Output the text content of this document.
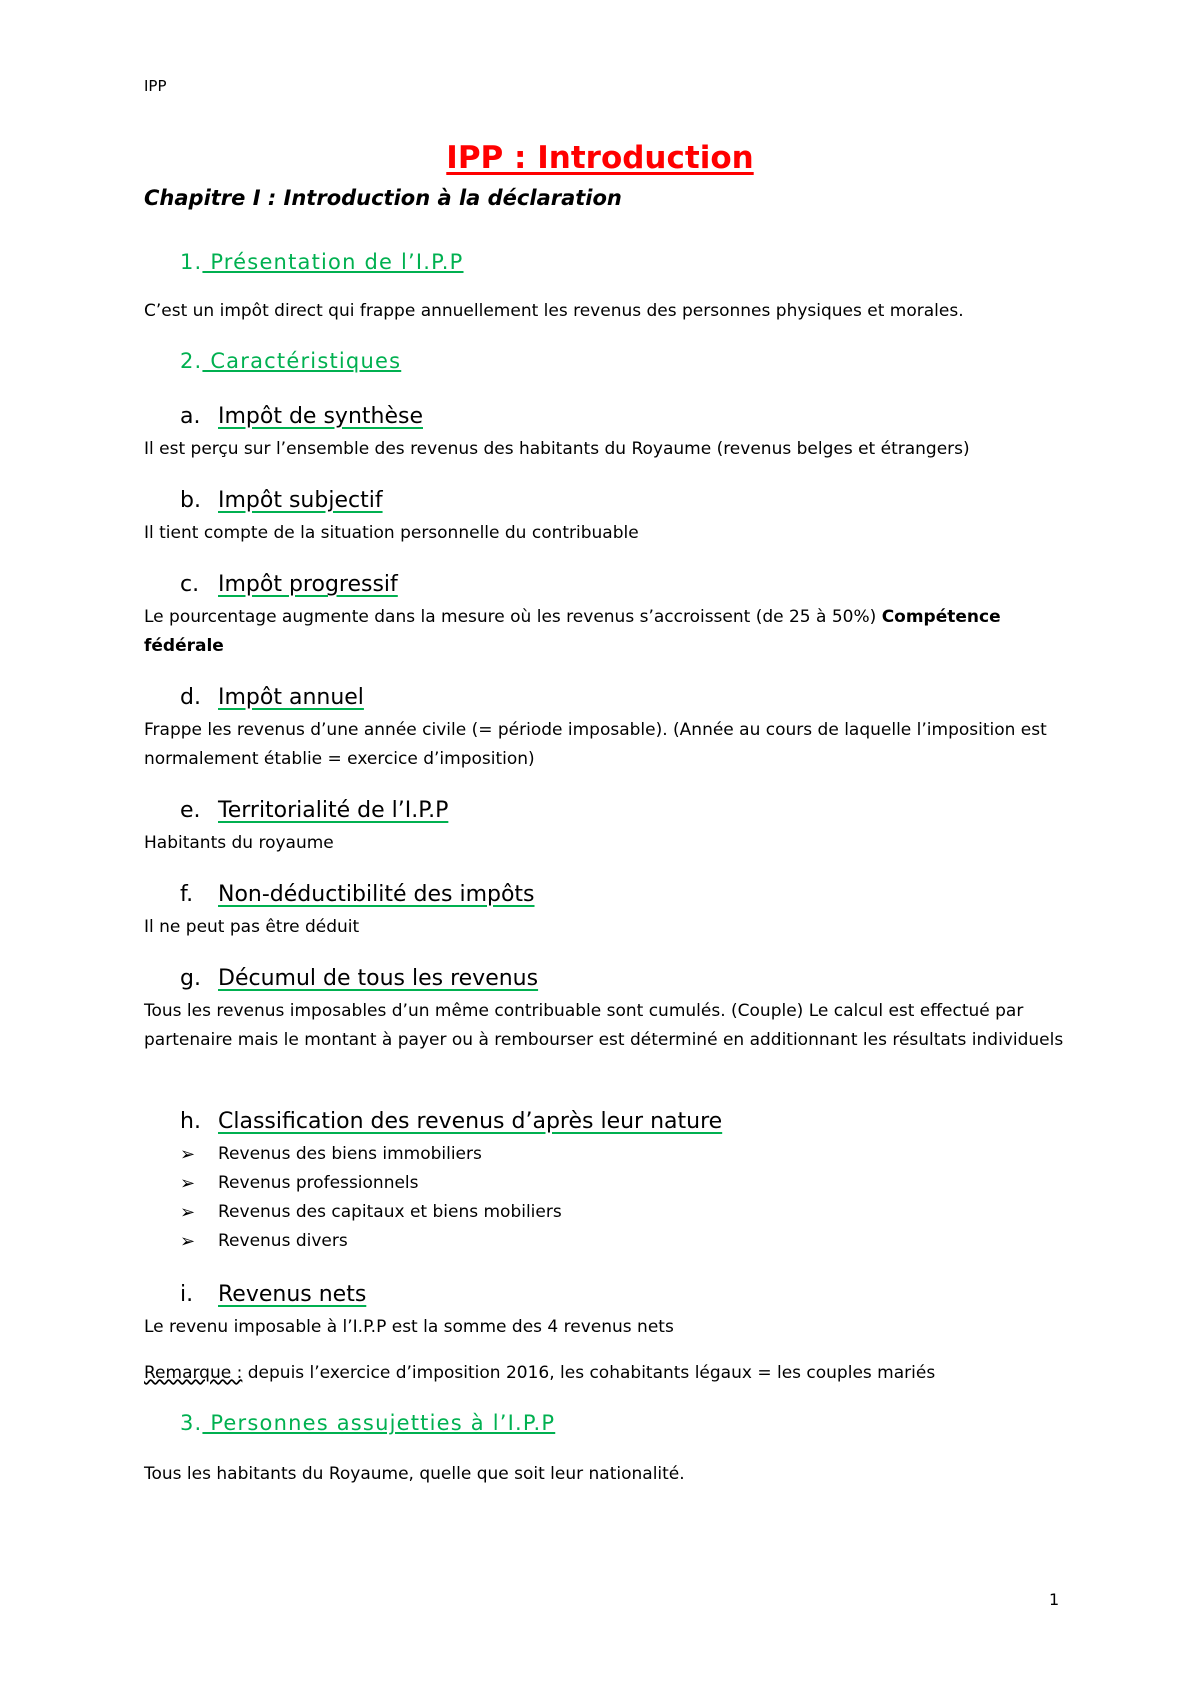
IPP
IPP : Introduction
Chapitre I : Introduction à la déclaration
1. Présentation de l’I.P.P
C’est un impôt direct qui frappe annuellement les revenus des personnes physiques et morales.
2. Caractéristiques
a. Impôt de synthèse
Il est perçu sur l’ensemble des revenus des habitants du Royaume (revenus belges et étrangers)
b. Impôt subjectif
Il tient compte de la situation personnelle du contribuable
c. Impôt progressif
Le pourcentage augmente dans la mesure où les revenus s’accroissent (de 25 à 50%) Compétence fédérale
d. Impôt annuel
Frappe les revenus d’une année civile (= période imposable). (Année au cours de laquelle l’imposition est normalement établie = exercice d’imposition)
e. Territorialité de l’I.P.P
Habitants du royaume
f. Non-déductibilité des impôts
Il ne peut pas être déduit
g. Décumul de tous les revenus
Tous les revenus imposables d’un même contribuable sont cumulés. (Couple) Le calcul est effectué par partenaire mais le montant à payer ou à rembourser est déterminé en additionnant les résultats individuels
h. Classification des revenus d’après leur nature
➢ Revenus des biens immobiliers
➢ Revenus professionnels
➢ Revenus des capitaux et biens mobiliers
➢ Revenus divers
i. Revenus nets
Le revenu imposable à l’I.P.P est la somme des 4 revenus nets
Remarque : depuis l’exercice d’imposition 2016, les cohabitants légaux = les couples mariés
3. Personnes assujetties à l’I.P.P
Tous les habitants du Royaume, quelle que soit leur nationalité.
1
